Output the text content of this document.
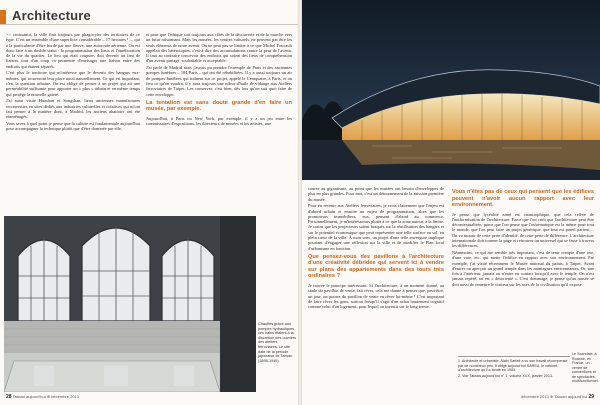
Architecture

>> croissance, la ville finit toujours par phagocyter des territoires de ce type. C'est un ensemble d'une superficie considérable – 17 hectares ¹ –, qui a la particularité d'être bordé par une fleuve, une autoroute aérienne. On est donc face à un double statut : la programmation des lieux et l'amélioration de la vie du quartier. Le lieu qui était coupure, doit devenir un lieu de liaison, tout d'un coup va permettre d'envisager une liaison entre des endroits qui étaient séparés.

C'est plus le territoire qui m'intéresse que le devenir des hangars eux-mêmes, qui trouveront leur place aussi naturellement. Ce qui est important, c'est la question urbaine. On est obligé de penser à un projet qui ait une perméabilité suffisante pour apporter un « plus » urbain et en même temps qui protège la nouvelle gaieté.

J'ai aussi visité Huashan et Songshan, lieux anciennes manufactures reconverties en sites dédiés aux industries culturelles et créatives qui m'ont fait penser à la matière dont, à Madrid, les anciens abattoirs ont été réaménagés.

Vous savez à quel point je pense que la culture est fondamentale aujourd'hui pour accompagner la technique plutôt que d'être dominée par elle,

et pour que l'éthique soit toujours aux côtés de la découverte et de la marche vers un futur raisonnant. Mais les musées, les centres culturels, ne peuvent pas être les seuls éléments de notre avenir. On ne peut pas se limiter à ce que Michel Foucault appelait des hétérotopies, c'est-à-dire des accumulations contre la peur de l'avenir. Il faut au contraire concevoir des endroits qui soient des lieux de compréhension d'un avenir partagé, souhaitable et acceptable.

J'ai parlé de Madrid mais j'aurais pu prendre l'exemple de Paris et des anciennes pompes funèbres – 104 Paris – qui ont été réhabilitées. Il y a aussi toujours un air de pompes funèbres qui traînent sur ce projet, appelé le Centquatre, à Paris, et on fera ce qu'on voudra, il y aura toujours une odeur d'huile de vidange aux Ateliers ferroviaires de Taipei. Les conserver, c'est bien, dès lors qu'on sait quoi faire de cette enveloppe.

La tentation est sans doute grande d'en faire un musée, par exemple.

Aujourd'hui, à Paris ou New York, par exemple, il y a un jeu entre les commissaires d'expositions, les directeurs de musées et les artistes, une

Chauffés grâce aux pompes hydrauliques, ces bains étaient à la discrétion des ouvriers des ateliers ferroviaires. Le site date de la période japonaise de Taiwan (1895-1945).
28 Taiwan aujourd'hui ⊕ décembre 2013

course au gigantisme, au point que les musées ont besoin d'enveloppes de plus en plus grandes. Pour moi, c'est un détournement de la mission première du musée.

Pour en revenir aux Ateliers ferroviaires, je crois clairement que l'enjeu est d'abord urbain et ensuite un enjeu de programmation, alors que les promoteurs immobiliers, eux, pensent d'abord au commerce. Personnellement, je m'intéresserais plutôt à ce que la zone autour, à la limite. Je crains que les projecteurs soient braqués sur la réutilisation des hangars et sur le potentiel économique que peut représenter une telle surface en sol, en plein cœur de la ville. À mon sens, un projet d'une telle envergure implique pourtant d'engager une réflexion sur la ville et de modifier le Plan local d'urbanisme en fonction.

Que pensez-vous des pavillons à l'architecture d'une créativité débridée qui servent ici à vendre sur plans des appartements dans des tours très ordinaires ?

Je trouve le principe intéressant. Si l'architecture, à un moment donné, au stade du pavillon de vente, fait rêver, cela me donne à penser que, peut-être, un jour, on pourra du pavillon de vente en rêver lui-même ! C'est important de faire rêver les gens, surtout lorsqu'il s'agit d'un achat hautement cognitif comme celui d'un logement, pour lequel on investit sur le long terme.

Vous n'êtes pas de ceux qui pensent que les édifices peuvent n'avoir aucun rapport avec leur environnement.

Je pense que lycéolité aimé est catastrophique, que cela relève de l'uniformisation de l'architecture. Parce que l'on croit que l'architecture peut être décontextualisée, parce que l'on pense que l'informatique est la même pour tout le monde, que l'on peut faire un projet générique, que tout est pareil partout… On va mourir de cette perte d'identité, de cette perte de différence. L'architecture internationale doit tourner la page et retrouver un universel qui se fasse à travers les différences.

Néanmoins, ce qui me semble très important, c'est de tenir compte d'une axe, d'une voie, etc. qui mette l'édifice en rapport avec son environnement. Par exemple, j'ai visité récemment le Musée national du palais, à Taipei. Avant d'entrer on aperçoit un grand temple dans les montagnes environnantes. Or, une fois à l'intérieur, jamais on n'entre en contact lorsqu'il avec le temple. On n'est jamais repéré, on est « désorienté ». C'est dommage, je pense qu'un musée se doit aussi de remettre le visiteur sur les axes de la civilisation qu'il expose.

1. Architecte et urbaniste, Alain Sarfati a vu son travail récompensé par de nombreux prix. Il dirige aujourd'hui SAREA, le cabinet d'architecture qu'il a fondé en 1983.
2. Voir Taiwan aujourd'hui n° 1, volume XXX, janvier 2013.
Le Scandale, à Roanne, en France, un centre de conventions et de spectacles, multifonctionnel.
décembre 2013 ⊕ Taiwan aujourd'hui 29
